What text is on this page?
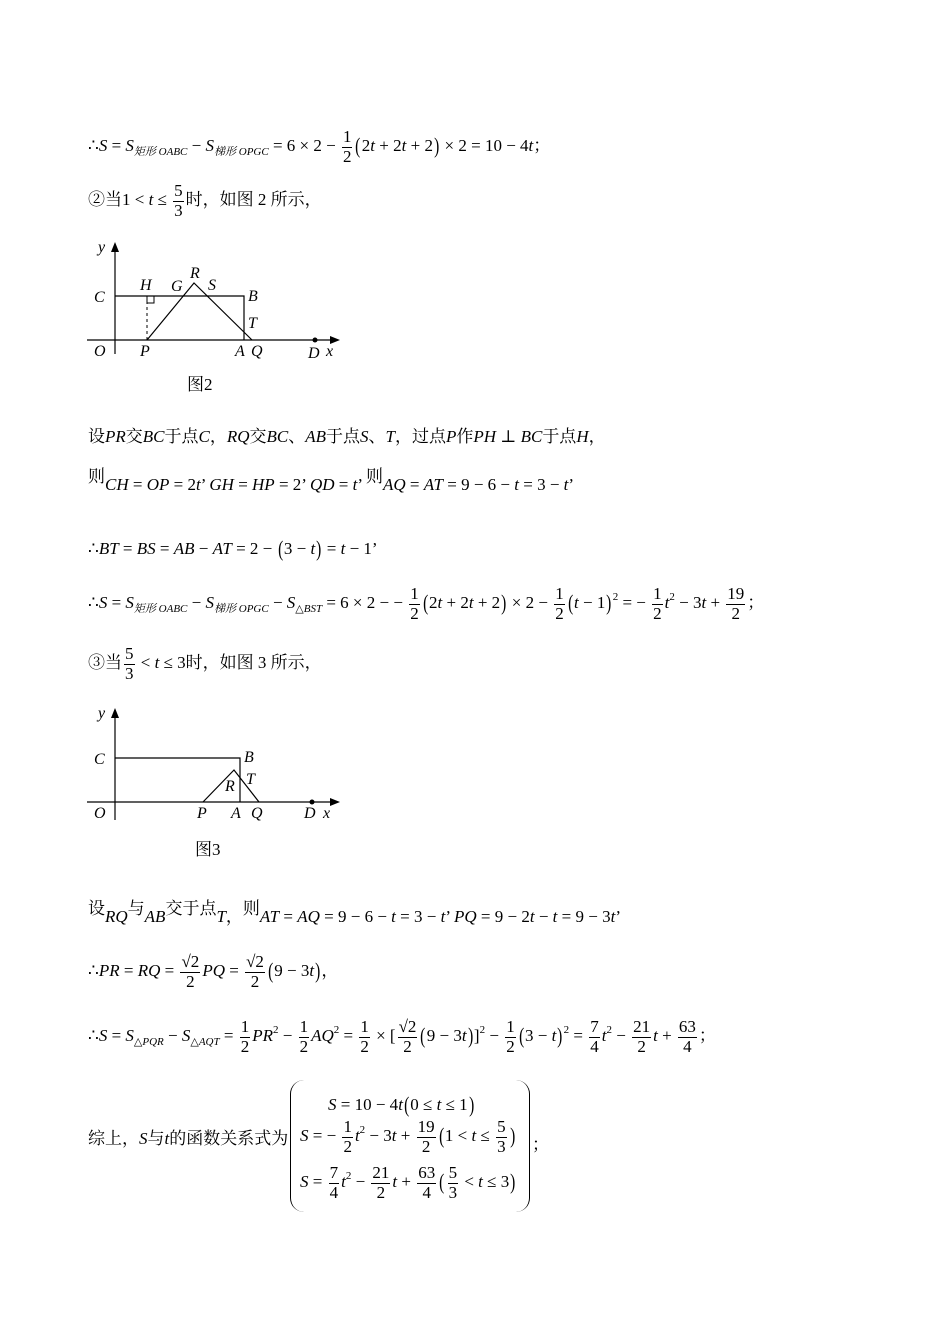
∴S = $S_{矩形 OABC} - S_{梯形 OPGC} = 6 \times 2 - \frac{1}{2} (2t + 2t + 2) \times 2 = 10 - 4t$；
②当$1 < t \le \frac{5}{3}$ 时，如图 2 所示，
y
C
H G
R
S
B
T
O P	A Q	D x
图2
设PR交BC于点C，RQ交BC、AB于点S、T，过点P作PH ⊥ BC于点H，
则CH = OP = 2t’ GH = HP = 2’ QD = t’ 则AQ = AT = 9 − 6 − t = 3 − t’
∴BT = BS = AB − AT = 2 − (3 − t) = t − 1’
∴S = $S_{矩形 OABC} - S_{梯形 OPGC} - S_{\triangle BST} = 6 \times 2$ − − $\frac{1}{2} (2t + 2t + 2) \times 2 - \frac{1}{2} (t - 1)^2$ = − $\frac{1}{2} t^2 - 3t + \frac{19}{2}$ ；
③当 $\frac{5}{3} < t \le 3$时，如图 3 所示，
y
C	B
R T
O	P A Q	D x
图3
设RQ与AB交于点T，则AT = AQ = 9 − 6 − t = 3 − t’ PQ = 9 − 2t − t = 9 − 3t’
∴PR = RQ = $\frac{√2}{2}$ PQ = $\frac{√2}{2} (9 - 3t)$，
∴S = $S_{\triangle PQR} - S_{\triangle AQT} = \frac{1}{2} PR^2 - \frac{1}{2} AQ^2 = \frac{1}{2}$ × [ $\frac{√2}{2} (9 - 3t)]^2 - \frac{1}{2} (3 - t)^2 = \frac{7}{4} t^2 - \frac{21}{2}$ $t + \frac{63}{4}$ ；
综上，S与t的函数关系式为
S = 10 − 4t(0 ≤ t ≤ 1)
S = − $\frac{1}{2} t^2 - 3t + \frac{19}{2} (1 < t \le \frac{5}{3}$ )
$S = \frac{7}{4} t^2 - \frac{21}{2}$ $t + \frac{63}{4}$ ( $\frac{5}{3} < t \le 3$)
；
